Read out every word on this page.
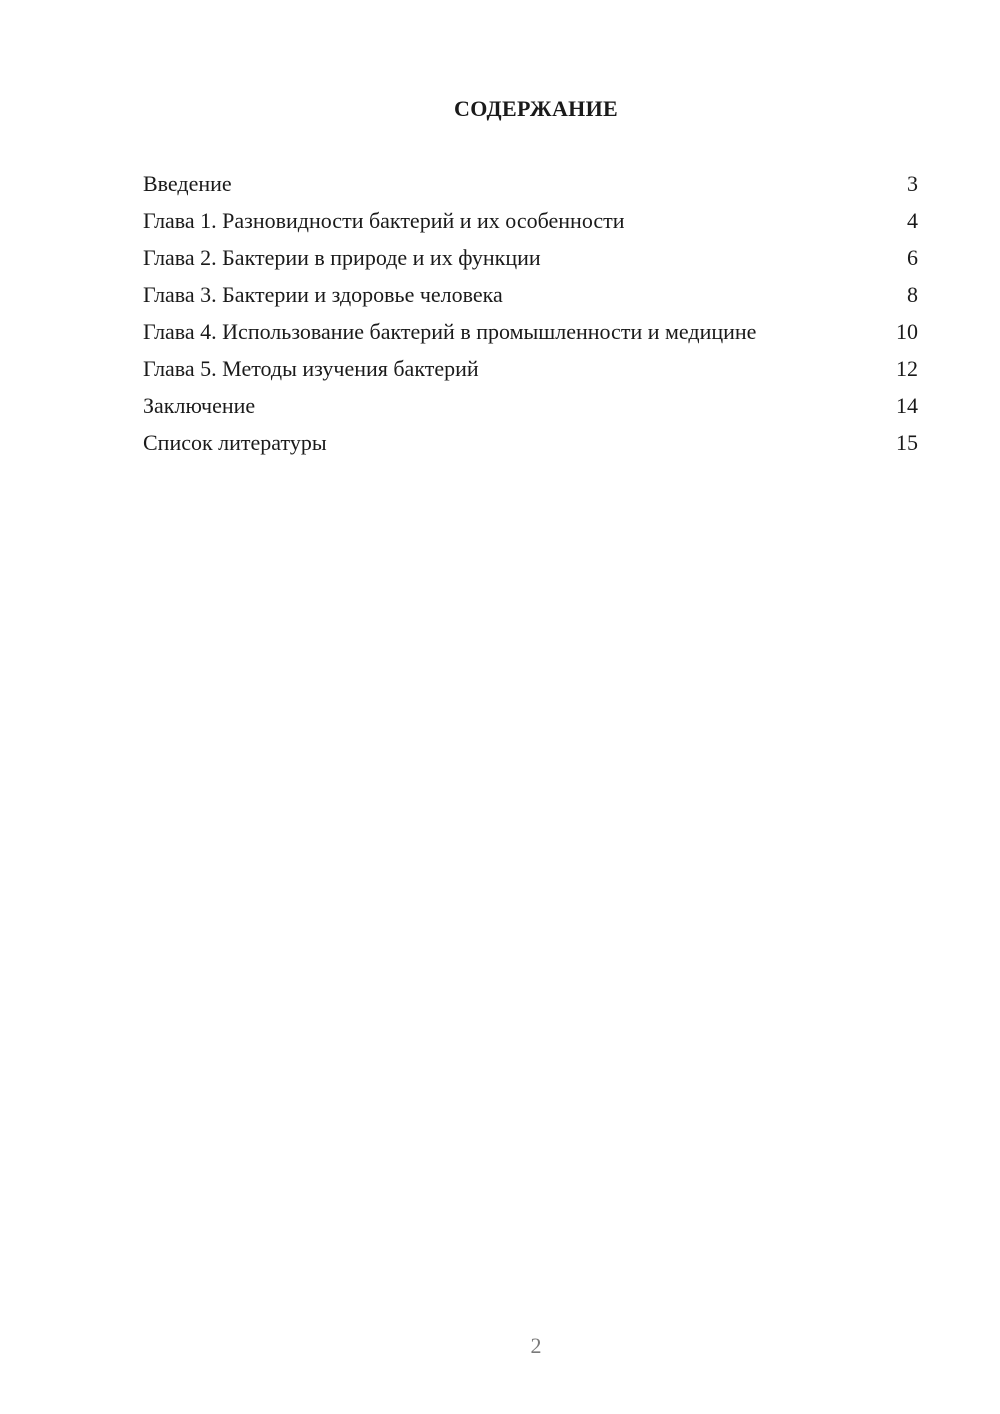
СОДЕРЖАНИЕ
Введение	3
Глава 1. Разновидности бактерий и их особенности	4
Глава 2. Бактерии в природе и их функции	6
Глава 3. Бактерии и здоровье человека	8
Глава 4. Использование бактерий в промышленности и медицине	10
Глава 5. Методы изучения бактерий	12
Заключение	14
Список литературы	15
2
